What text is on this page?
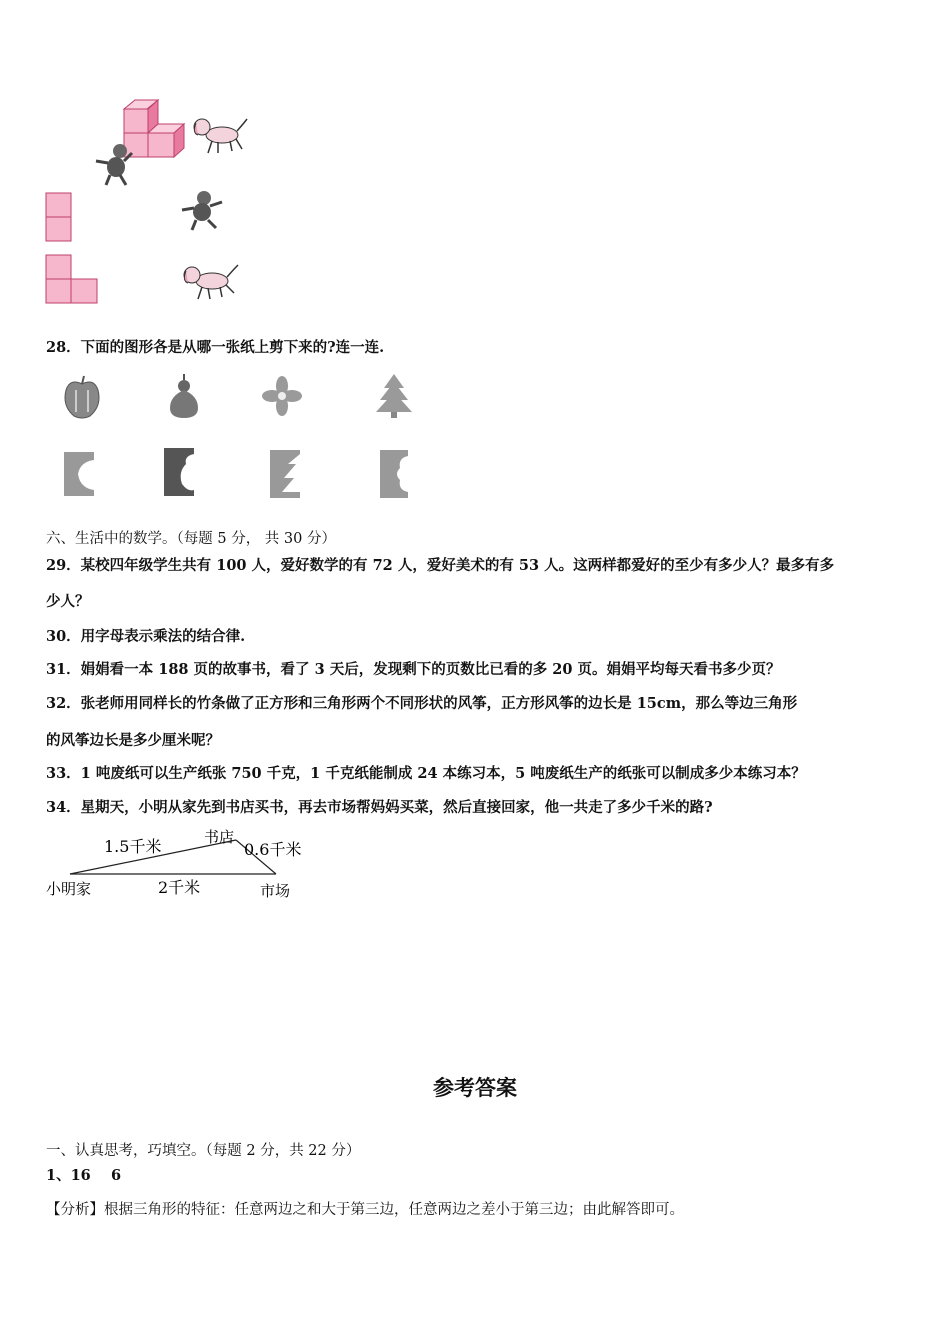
28．下面的图形各是从哪一张纸上剪下来的?连一连.
六、生活中的数学。（每题 5 分， 共 30 分）
29．某校四年级学生共有 100 人，爱好数学的有 72 人，爱好美术的有 53 人。这两样都爱好的至少有多少人？最多有多
少人？
30．用字母表示乘法的结合律.
31．娟娟看一本 188 页的故事书，看了 3 天后，发现剩下的页数比已看的多 20 页。娟娟平均每天看书多少页？
32．张老师用同样长的竹条做了正方形和三角形两个不同形状的风筝，正方形风筝的边长是 15cm，那么等边三角形
的风筝边长是多少厘米呢？
33．1 吨废纸可以生产纸张 750 千克，1 千克纸能制成 24 本练习本，5 吨废纸生产的纸张可以制成多少本练习本？
34．星期天，小明从家先到书店买书，再去市场帮妈妈买菜，然后直接回家，他一共走了多少千米的路?
1.5千米	书店
0.6千米
小明家	2千米	市场
参考答案
一、认真思考，巧填空。（每题 2 分，共 22 分）
1、16    6
【分析】根据三角形的特征：任意两边之和大于第三边，任意两边之差小于第三边；由此解答即可。
